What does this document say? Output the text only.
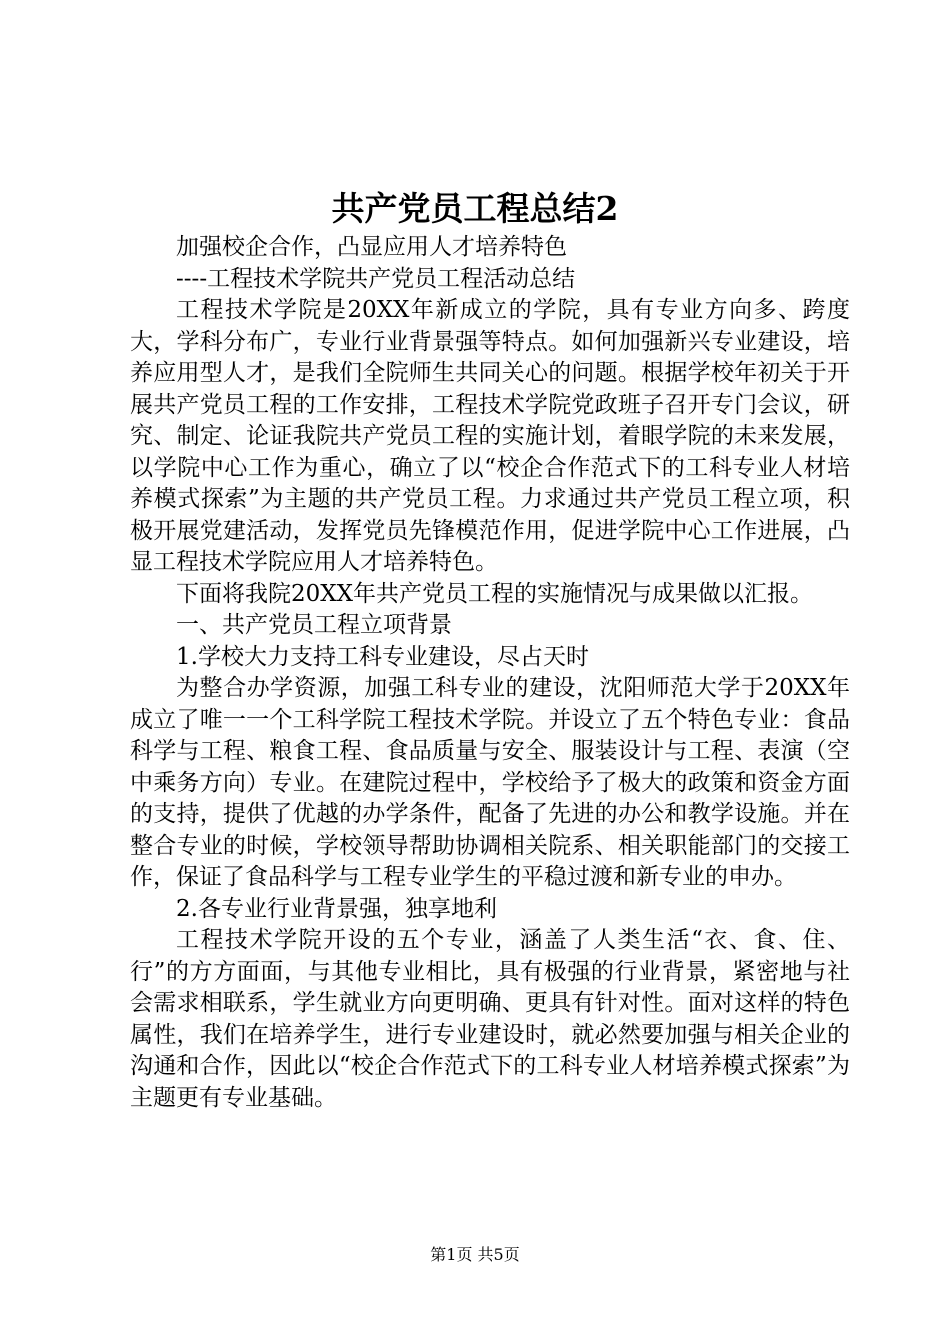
共产党员工程总结2

加强校企合作，凸显应用人才培养特色

----工程技术学院共产党员工程活动总结

工程技术学院是20XX年新成立的学院，具有专业方向多、跨度大，学科分布广，专业行业背景强等特点。如何加强新兴专业建设，培养应用型人才，是我们全院师生共同关心的问题。根据学校年初关于开展共产党员工程的工作安排，工程技术学院党政班子召开专门会议，研究、制定、论证我院共产党员工程的实施计划，着眼学院的未来发展，以学院中心工作为重心，确立了以“校企合作范式下的工科专业人材培养模式探索”为主题的共产党员工程。力求通过共产党员工程立项，积极开展党建活动，发挥党员先锋模范作用，促进学院中心工作进展，凸显工程技术学院应用人才培养特色。

下面将我院20XX年共产党员工程的实施情况与成果做以汇报。

一、共产党员工程立项背景

1.学校大力支持工科专业建设，尽占天时

为整合办学资源，加强工科专业的建设，沈阳师范大学于20XX年成立了唯一一个工科学院工程技术学院。并设立了五个特色专业：食品科学与工程、粮食工程、食品质量与安全、服装设计与工程、表演（空中乘务方向）专业。在建院过程中，学校给予了极大的政策和资金方面的支持，提供了优越的办学条件，配备了先进的办公和教学设施。并在整合专业的时候，学校领导帮助协调相关院系、相关职能部门的交接工作，保证了食品科学与工程专业学生的平稳过渡和新专业的申办。

2.各专业行业背景强，独享地利

工程技术学院开设的五个专业，涵盖了人类生活“衣、食、住、行”的方方面面，与其他专业相比，具有极强的行业背景，紧密地与社会需求相联系，学生就业方向更明确、更具有针对性。面对这样的特色属性，我们在培养学生，进行专业建设时，就必然要加强与相关企业的沟通和合作，因此以“校企合作范式下的工科专业人材培养模式探索”为主题更有专业基础。

第1页 共5页
